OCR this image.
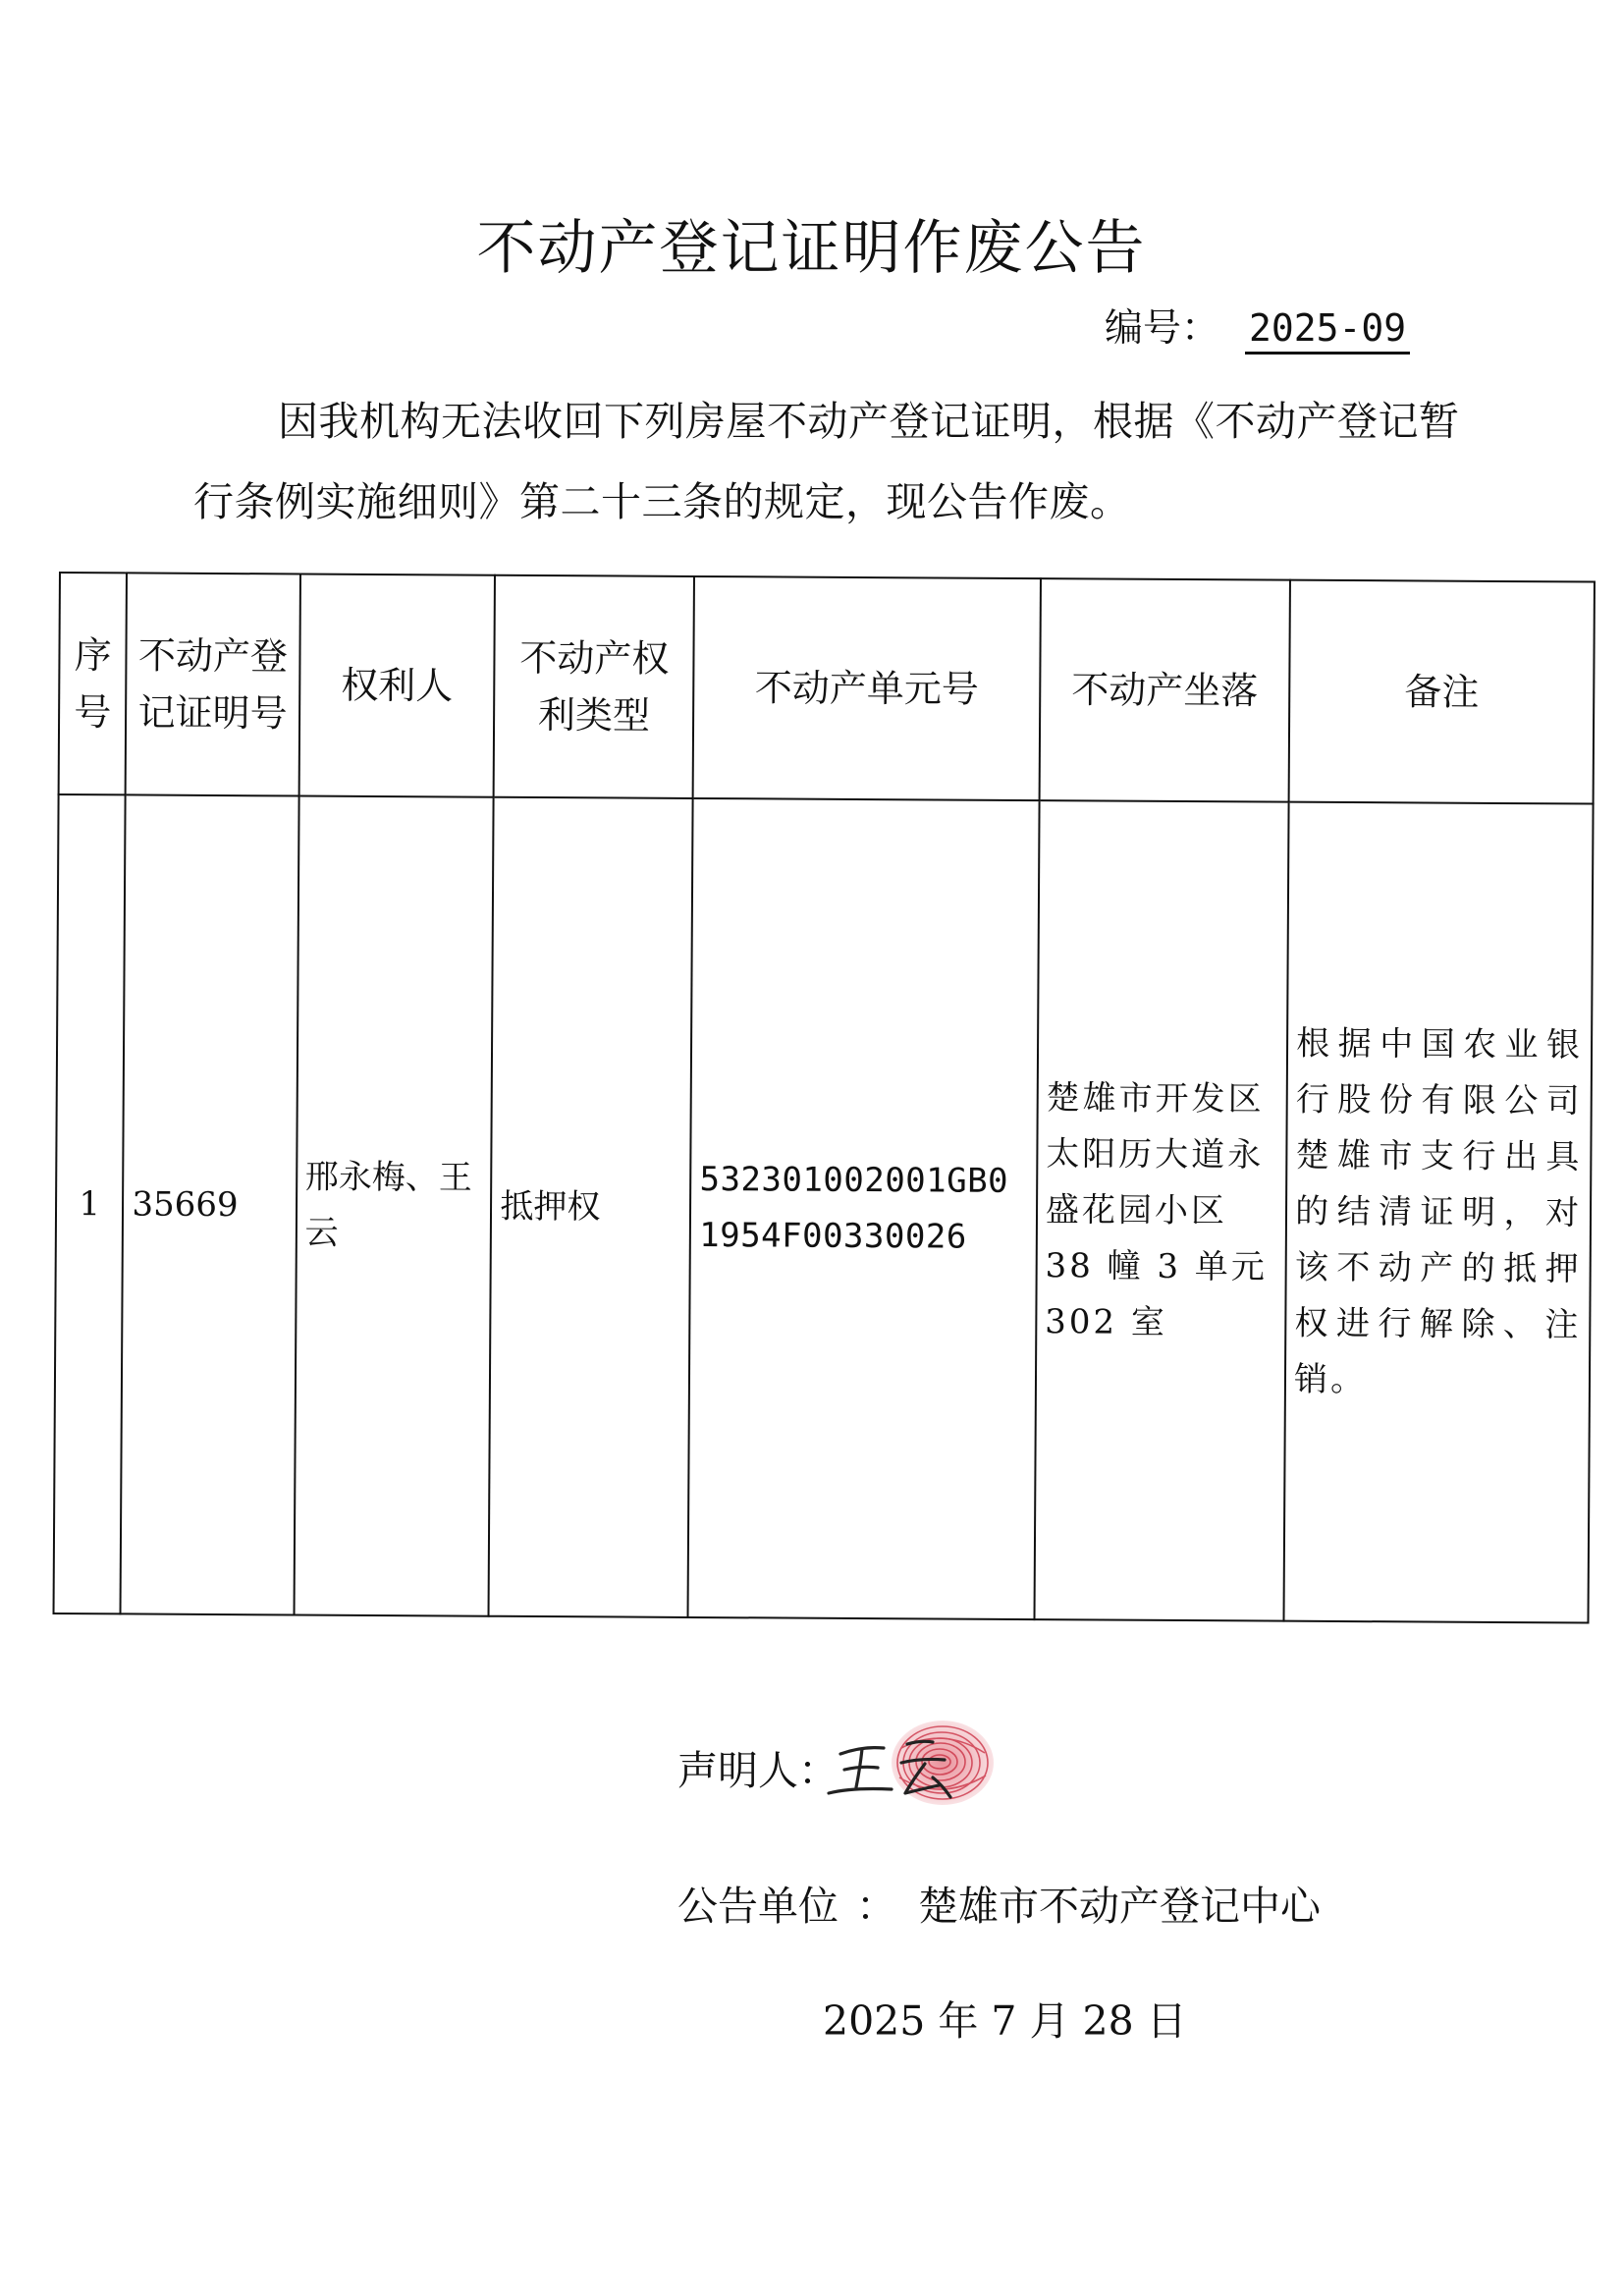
不动产登记证明作废公告
编号： 2025-09
因我机构无法收回下列房屋不动产登记证明，根据《不动产登记暂行条例实施细则》第二十三条的规定，现公告作废。
序号	不动产登记证明号	权利人	不动产权利类型	不动产单元号	不动产坐落	备注
1	35669	邢永梅、王云	抵押权	532301002001GB01954F00330026	楚雄市开发区太阳历大道永盛花园小区 38 幢 3 单元 302 室	根据中国农业银行股份有限公司楚雄市支行出具的结清证明，对该不动产的抵押权进行解除、注销。
声明人：
公告单位 ： 楚雄市不动产登记中心
2025 年 7 月 28 日
